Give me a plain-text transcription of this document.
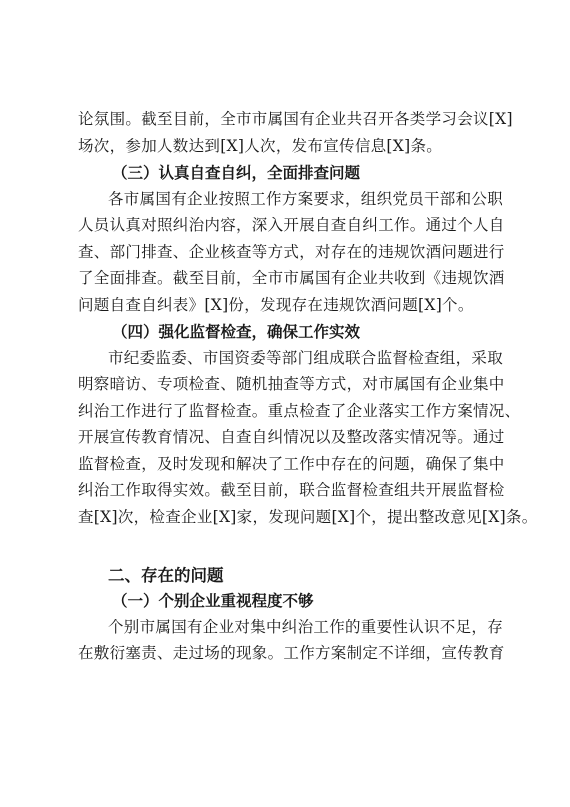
论氛围。截至目前，全市市属国有企业共召开各类学习会议[X]
场次，参加人数达到[X]人次，发布宣传信息[X]条。
（三）认真自查自纠，全面排查问题
各市属国有企业按照工作方案要求，组织党员干部和公职
人员认真对照纠治内容，深入开展自查自纠工作。通过个人自
查、部门排查、企业核查等方式，对存在的违规饮酒问题进行
了全面排查。截至目前，全市市属国有企业共收到《违规饮酒
问题自查自纠表》[X]份，发现存在违规饮酒问题[X]个。
（四）强化监督检查，确保工作实效
市纪委监委、市国资委等部门组成联合监督检查组，采取
明察暗访、专项检查、随机抽查等方式，对市属国有企业集中
纠治工作进行了监督检查。重点检查了企业落实工作方案情况、
开展宣传教育情况、自查自纠情况以及整改落实情况等。通过
监督检查，及时发现和解决了工作中存在的问题，确保了集中
纠治工作取得实效。截至目前，联合监督检查组共开展监督检
查[X]次，检查企业[X]家，发现问题[X]个，提出整改意见[X]条。
二、存在的问题
（一）个别企业重视程度不够
个别市属国有企业对集中纠治工作的重要性认识不足，存
在敷衍塞责、走过场的现象。工作方案制定不详细，宣传教育
